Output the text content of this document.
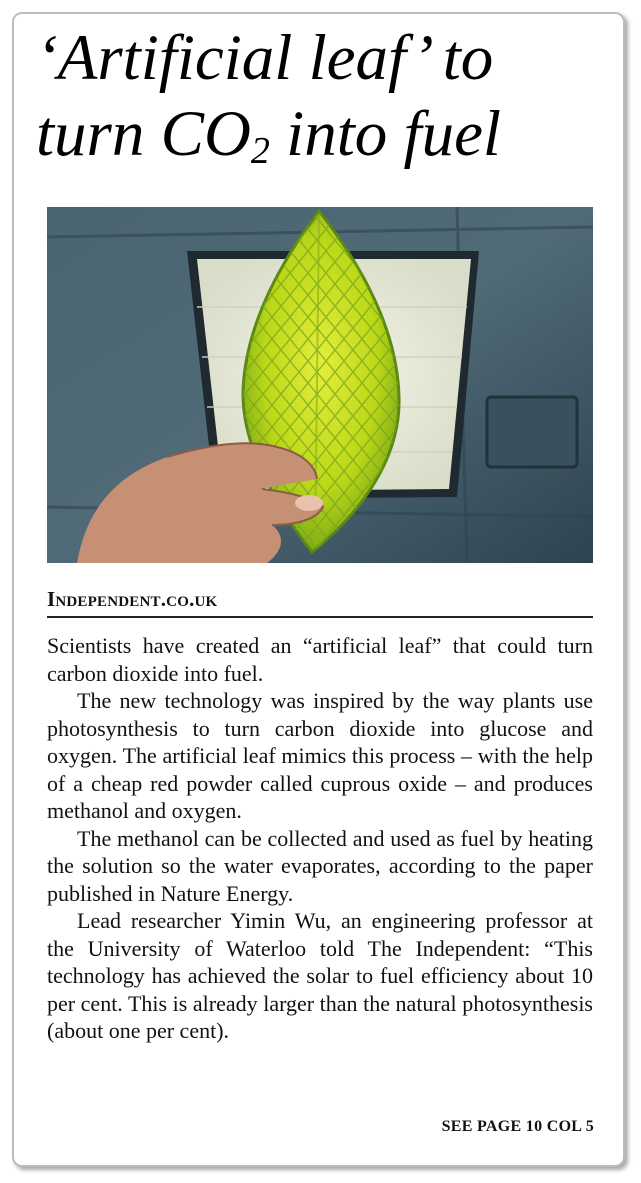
‘Artificial leaf’ to
turn $CO_2$ into fuel
Independent.co.uk

Scientists have created an “artificial leaf” that could turn carbon dioxide into fuel.

The new technology was inspired by the way plants use photosynthesis to turn carbon dioxide into glucose and oxygen. The artificial leaf mimics this process – with the help of a cheap red powder called cuprous oxide – and produces methanol and oxygen.

The methanol can be collected and used as fuel by heating the solution so the water evaporates, according to the paper published in Nature Energy.

Lead researcher Yimin Wu, an engineering professor at the University of Waterloo told The Independent: “This technology has achieved the solar to fuel efficiency about 10 per cent. This is already larger than the natural photosynthesis (about one per cent).

SEE PAGE 10 COL 5
